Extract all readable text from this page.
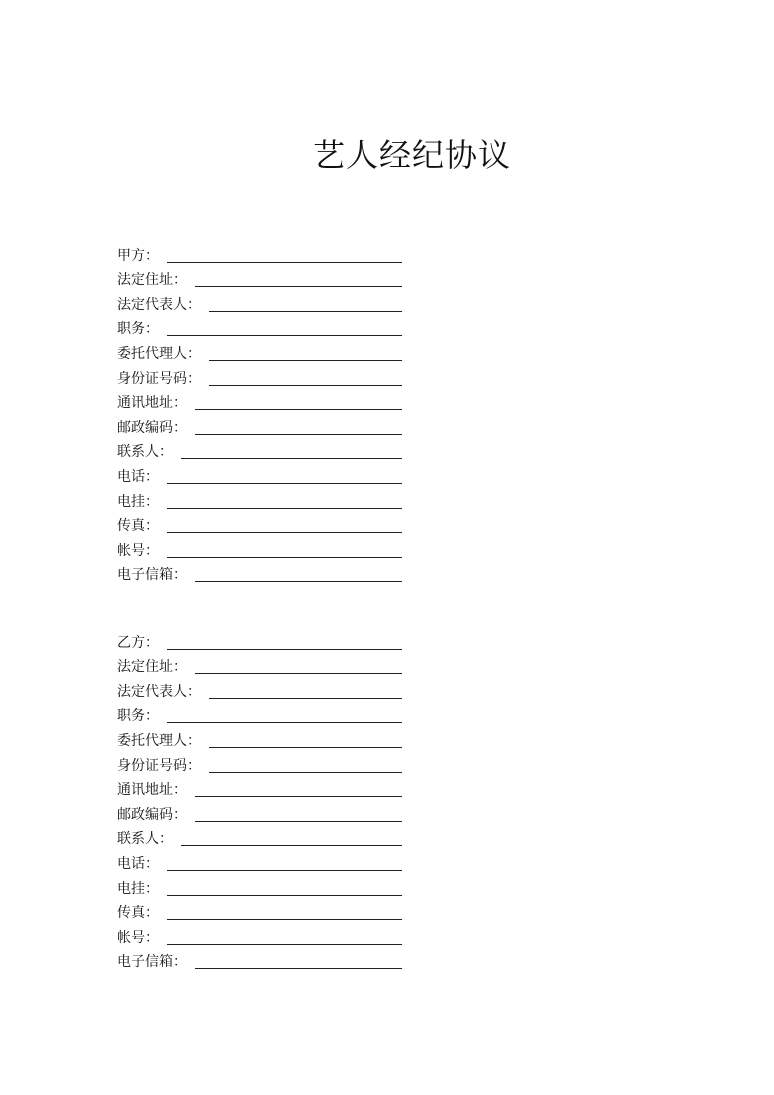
艺人经纪协议
甲方：
法定住址：
法定代表人：
职务：
委托代理人：
身份证号码：
通讯地址：
邮政编码：
联系人：
电话：
电挂：
传真：
帐号：
电子信箱：
乙方：
法定住址：
法定代表人：
职务：
委托代理人：
身份证号码：
通讯地址：
邮政编码：
联系人：
电话：
电挂：
传真：
帐号：
电子信箱：
